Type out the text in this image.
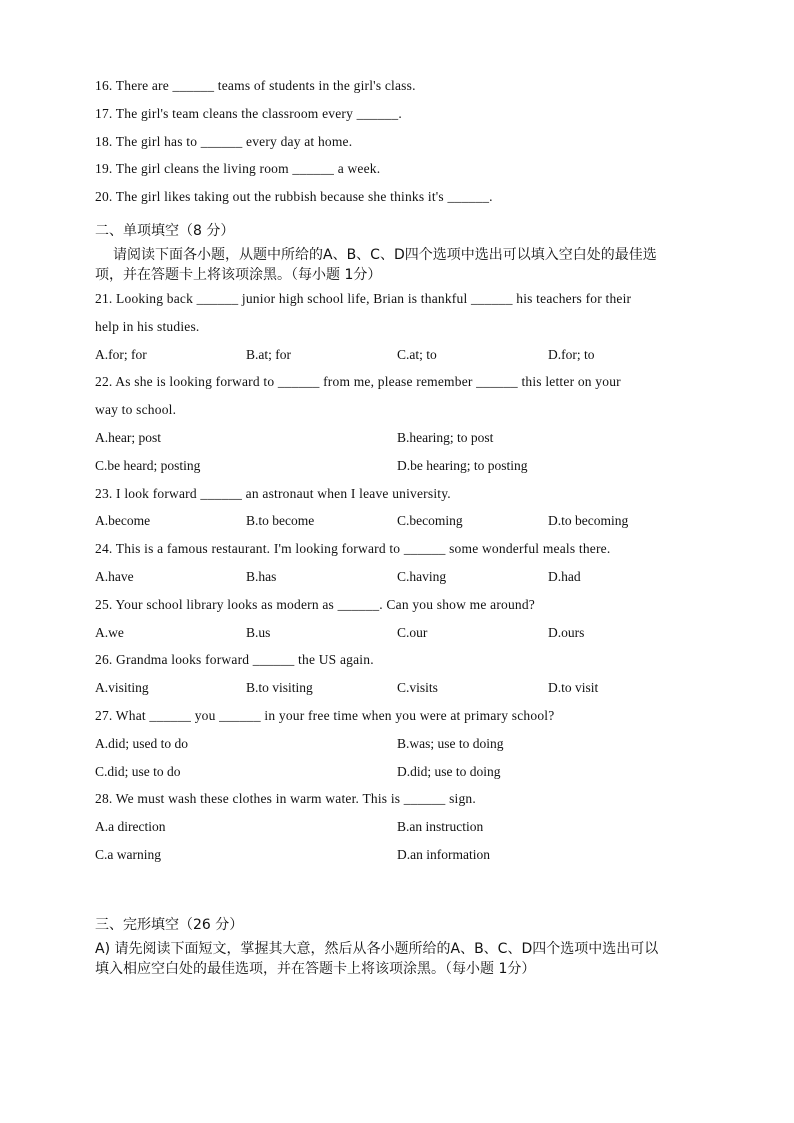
16. There are ______ teams of students in the girl's class.
17. The girl's team cleans the classroom every ______.
18. The girl has to ______ every day at home.
19. The girl cleans the living room ______ a week.
20. The girl likes taking out the rubbish because she thinks it's ______.
二、单项填空（8 分）
请阅读下面各小题，从题中所给的A、B、C、D四个选项中选出可以填入空白处的最佳选
项，并在答题卡上将该项涂黑。（每小题 1分）
21. Looking back ______ junior high school life, Brian is thankful ______ his teachers for their
help in his studies.
A.for; for	B.at; for	C.at; to	D.for; to
22. As she is looking forward to ______ from me, please remember ______ this letter on your
way to school.
A.hear; post	B.hearing; to post
C.be heard; posting	D.be hearing; to posting
23. I look forward ______ an astronaut when I leave university.
A.become	B.to become	C.becoming	D.to becoming
24. This is a famous restaurant. I'm looking forward to ______ some wonderful meals there.
A.have	B.has	C.having	D.had
25. Your school library looks as modern as ______. Can you show me around?
A.we	B.us	C.our	D.ours
26. Grandma looks forward ______ the US again.
A.visiting	B.to visiting	C.visits	D.to visit
27. What ______ you ______ in your free time when you were at primary school?
A.did; used to do	B.was; use to doing
C.did; use to do	D.did; use to doing
28. We must wash these clothes in warm water. This is ______ sign.
A.a direction	B.an instruction
C.a warning	D.an information
三、完形填空（26 分）
A) 请先阅读下面短文，掌握其大意，然后从各小题所给的A、B、C、D四个选项中选出可以
填入相应空白处的最佳选项，并在答题卡上将该项涂黑。（每小题 1分）
